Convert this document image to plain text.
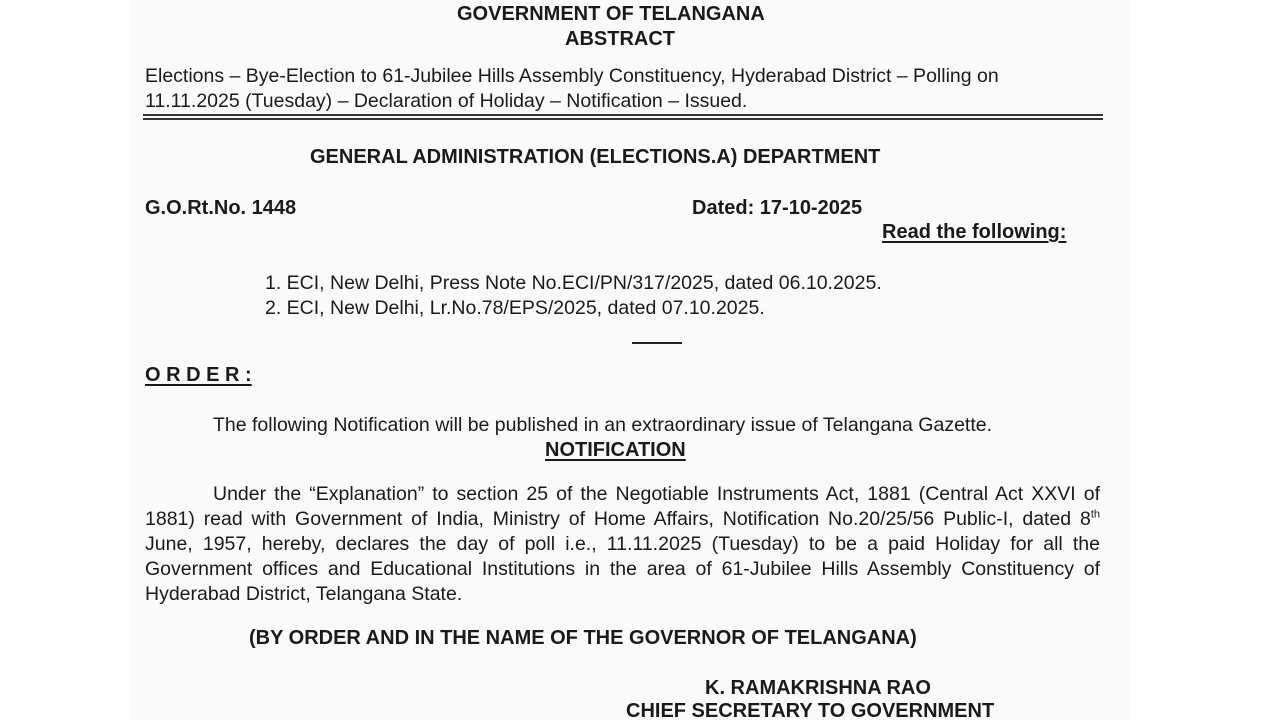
GOVERNMENT OF TELANGANA
ABSTRACT
Elections – Bye-Election to 61-Jubilee Hills Assembly Constituency, Hyderabad District – Polling on
11.11.2025 (Tuesday) – Declaration of Holiday – Notification – Issued.
GENERAL ADMINISTRATION (ELECTIONS.A) DEPARTMENT
G.O.Rt.No. 1448	Dated: 17-10-2025
Read the following:
1. ECI, New Delhi, Press Note No.ECI/PN/317/2025, dated 06.10.2025.
2. ECI, New Delhi, Lr.No.78/EPS/2025, dated 07.10.2025.
O R D E R :
The following Notification will be published in an extraordinary issue of Telangana Gazette.
NOTIFICATION
Under the “Explanation” to section 25 of the Negotiable Instruments Act, 1881 (Central Act XXVI of 1881) read with Government of India, Ministry of Home Affairs, Notification No.20/25/56 Public-I, dated 8th June, 1957, hereby, declares the day of poll i.e., 11.11.2025 (Tuesday) to be a paid Holiday for all the Government offices and Educational Institutions in the area of 61-Jubilee Hills Assembly Constituency of Hyderabad District, Telangana State.
(BY ORDER AND IN THE NAME OF THE GOVERNOR OF TELANGANA)
K. RAMAKRISHNA RAO
CHIEF SECRETARY TO GOVERNMENT
